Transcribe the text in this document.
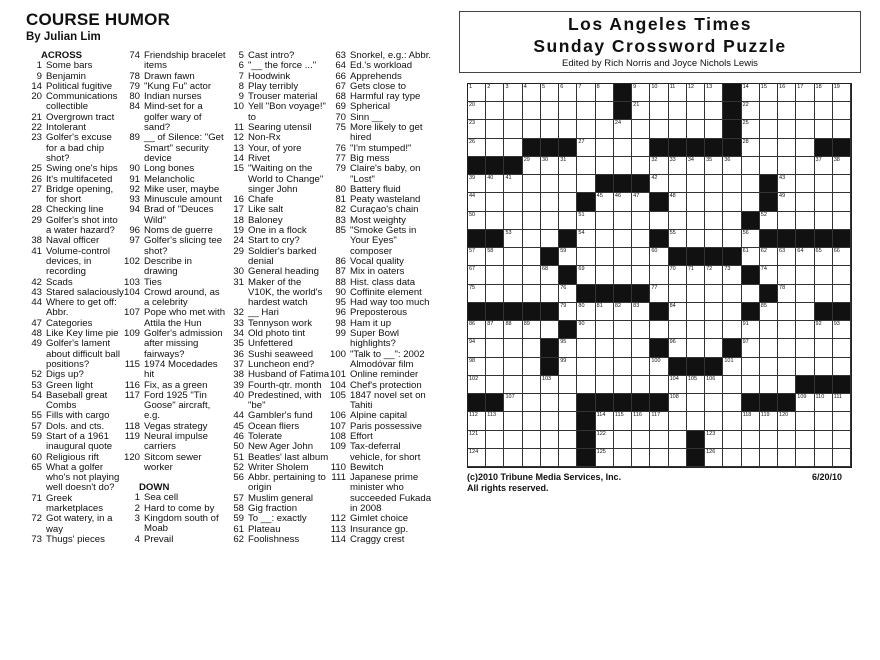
COURSE HUMOR
By Julian Lim
ACROSS
1 Some bars
9 Benjamin
14 Political fugitive
20 Communications collectible
21 Overgrown tract
22 Intolerant
23 Golfer's excuse for a bad chip shot?
25 Swing one's hips
26 It's multifaceted
27 Bridge opening, for short
28 Checking line
29 Golfer's shot into a water hazard?
38 Naval officer
41 Volume-control devices, in recording
42 Scads
43 Stared salaciously
44 Where to get off: Abbr.
47 Categories
48 Like Key lime pie
49 Golfer's lament about difficult ball positions?
52 Digs up?
53 Green light
54 Baseball great Combs
55 Fills with cargo
57 Dols. and cts.
59 Start of a 1961 inaugural quote
60 Religious rift
65 What a golfer who's not playing well doesn't do?
71 Greek marketplaces
72 Got watery, in a way
73 Thugs' pieces
74 Friendship bracelet items
78 Drawn fawn
79 "Kung Fu" actor
80 Indian nurses
84 Mind-set for a golfer wary of sand?
89 __ of Silence: "Get Smart" security device
90 Long bones
91 Melancholic
92 Mike user, maybe
93 Minuscule amount
94 Brad of "Deuces Wild"
96 Noms de guerre
97 Golfer's slicing tee shot?
102 Describe in drawing
103 Ties
104 Crowd around, as a celebrity
107 Pope who met with Attila the Hun
109 Golfer's admission after missing fairways?
115 1974 Mocedades hit
116 Fix, as a green
117 Ford 1925 "Tin Goose" aircraft, e.g.
118 Vegas strategy
119 Neural impulse carriers
120 Sitcom sewer worker
DOWN
1 Sea cell
2 Hard to come by
3 Kingdom south of Moab
4 Prevail
5 Cast intro?
6 "__ the force ..."
7 Hoodwink
8 Play terribly
9 Trouser material
10 Yell "Bon voyage!" to
11 Searing utensil
12 Non-Rx
13 Your, of yore
14 Rivet
15 "Waiting on the World to Change" singer John
16 Chafe
17 Like salt
18 Baloney
19 One in a flock
24 Start to cry?
29 Soldier's barked denial
30 General heading
31 Maker of the V10K, the world's hardest watch
32 __ Hari
33 Tennyson work
34 Old photo tint
35 Unfettered
36 Sushi seaweed
37 Luncheon end?
38 Husband of Fatima
39 Fourth-qtr. month
40 Predestined, with "be"
44 Gambler's fund
45 Ocean fliers
46 Tolerate
50 New Ager John
51 Beatles' last album
52 Writer Sholem
56 Abbr. pertaining to origin
57 Muslim general
58 Gig fraction
59 To __: exactly
61 Plateau
62 Foolishness
63 Snorkel, e.g.: Abbr.
64 Ed.'s workload
66 Apprehends
67 Gets close to
68 Harmful ray type
69 Spherical
70 Sinn __
75 More likely to get hired
76 "I'm stumped!"
77 Big mess
79 Claire's baby, on "Lost"
80 Battery fluid
81 Peaty wasteland
82 Curaçao's chain
83 Most weighty
85 "Smoke Gets in Your Eyes" composer
86 Vocal quality
87 Mix in oaters
88 Hist. class data
90 Coffinite element
95 Had way too much
96 Preposterous
98 Ham it up
99 Super Bowl highlights?
100 "Talk to __": 2002 Almodóvar film
101 Online reminder
104 Chef's protection
105 1847 novel set on Tahiti
106 Alpine capital
107 Paris possessive
108 Effort
109 Tax-deferral vehicle, for short
110 Bewitch
111 Japanese prime minister who succeeded Fukada in 2008
112 Gimlet choice
113 Insurance gp.
114 Craggy crest
Los Angeles Times
Sunday Crossword Puzzle
Edited by Rich Norris and Joyce Nichols Lewis
1	2	3	4	5	6	7	8	9	10 11 12 13	14 15 16 17 18 19
20	21	22
23	24	25
26	27	28
29 30 31	32 33 34 35 36	37 38
39 40 41	42	43
44	45 46 47	48	49
50	51	52
53	54	55	56
57 58	59	60	61 62 63 64 65 66
67	68	69	70 71 72 73	74
75	76	77	78
79 80 81 82 83	84	85
86 87 88 89	90	91	92 93
94	95	96	97
98	99	100	101
102	103	104 105 106
107	108	109 110 111
112 113	114 115 116 117	118 119 120
121	122	123
124	125	126
(c)2010 Tribune Media Services, Inc.
All rights reserved.
6/20/10
